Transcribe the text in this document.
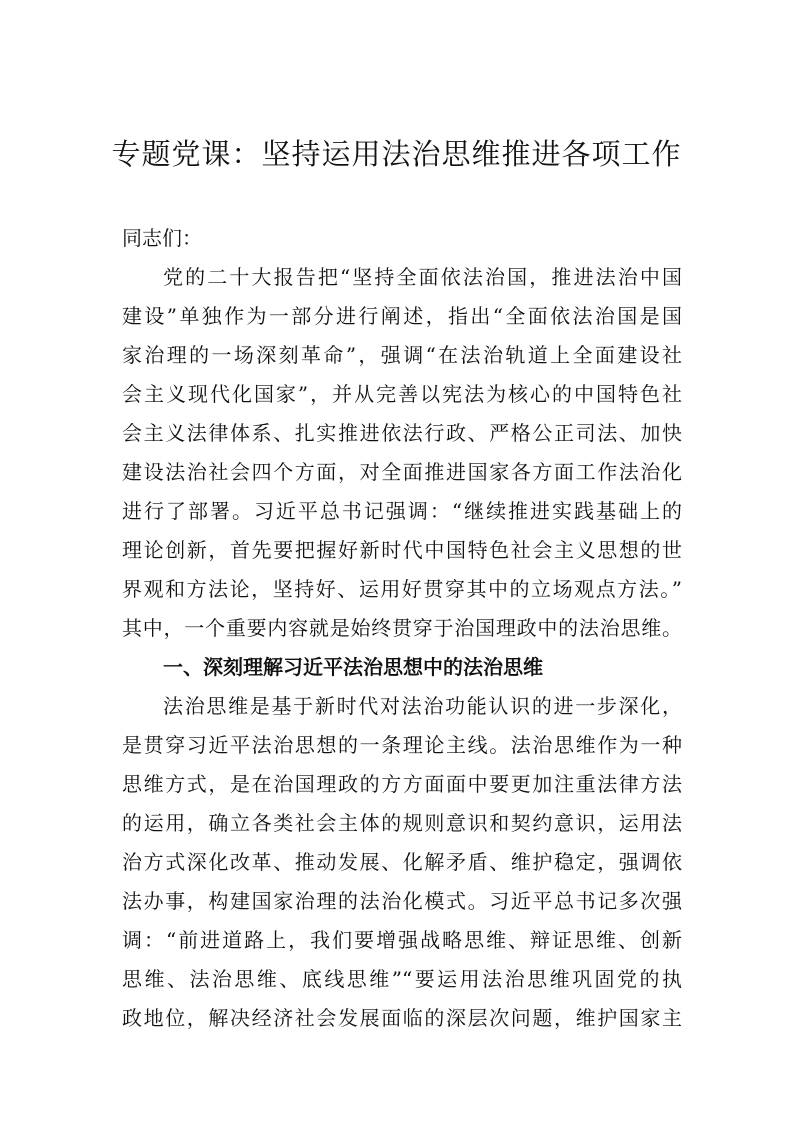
专题党课：坚持运用法治思维推进各项工作
同志们：
党的二十大报告把“坚持全面依法治国，推进法治中国
建设”单独作为一部分进行阐述，指出“全面依法治国是国
家治理的一场深刻革命”，强调“在法治轨道上全面建设社
会主义现代化国家”，并从完善以宪法为核心的中国特色社
会主义法律体系、扎实推进依法行政、严格公正司法、加快
建设法治社会四个方面，对全面推进国家各方面工作法治化
进行了部署。习近平总书记强调：“继续推进实践基础上的
理论创新，首先要把握好新时代中国特色社会主义思想的世
界观和方法论，坚持好、运用好贯穿其中的立场观点方法。”
其中，一个重要内容就是始终贯穿于治国理政中的法治思维。
一、深刻理解习近平法治思想中的法治思维
法治思维是基于新时代对法治功能认识的进一步深化，
是贯穿习近平法治思想的一条理论主线。法治思维作为一种
思维方式，是在治国理政的方方面面中要更加注重法律方法
的运用，确立各类社会主体的规则意识和契约意识，运用法
治方式深化改革、推动发展、化解矛盾、维护稳定，强调依
法办事，构建国家治理的法治化模式。习近平总书记多次强
调：“前进道路上，我们要增强战略思维、辩证思维、创新
思维、法治思维、底线思维”“要运用法治思维巩固党的执
政地位，解决经济社会发展面临的深层次问题，维护国家主
